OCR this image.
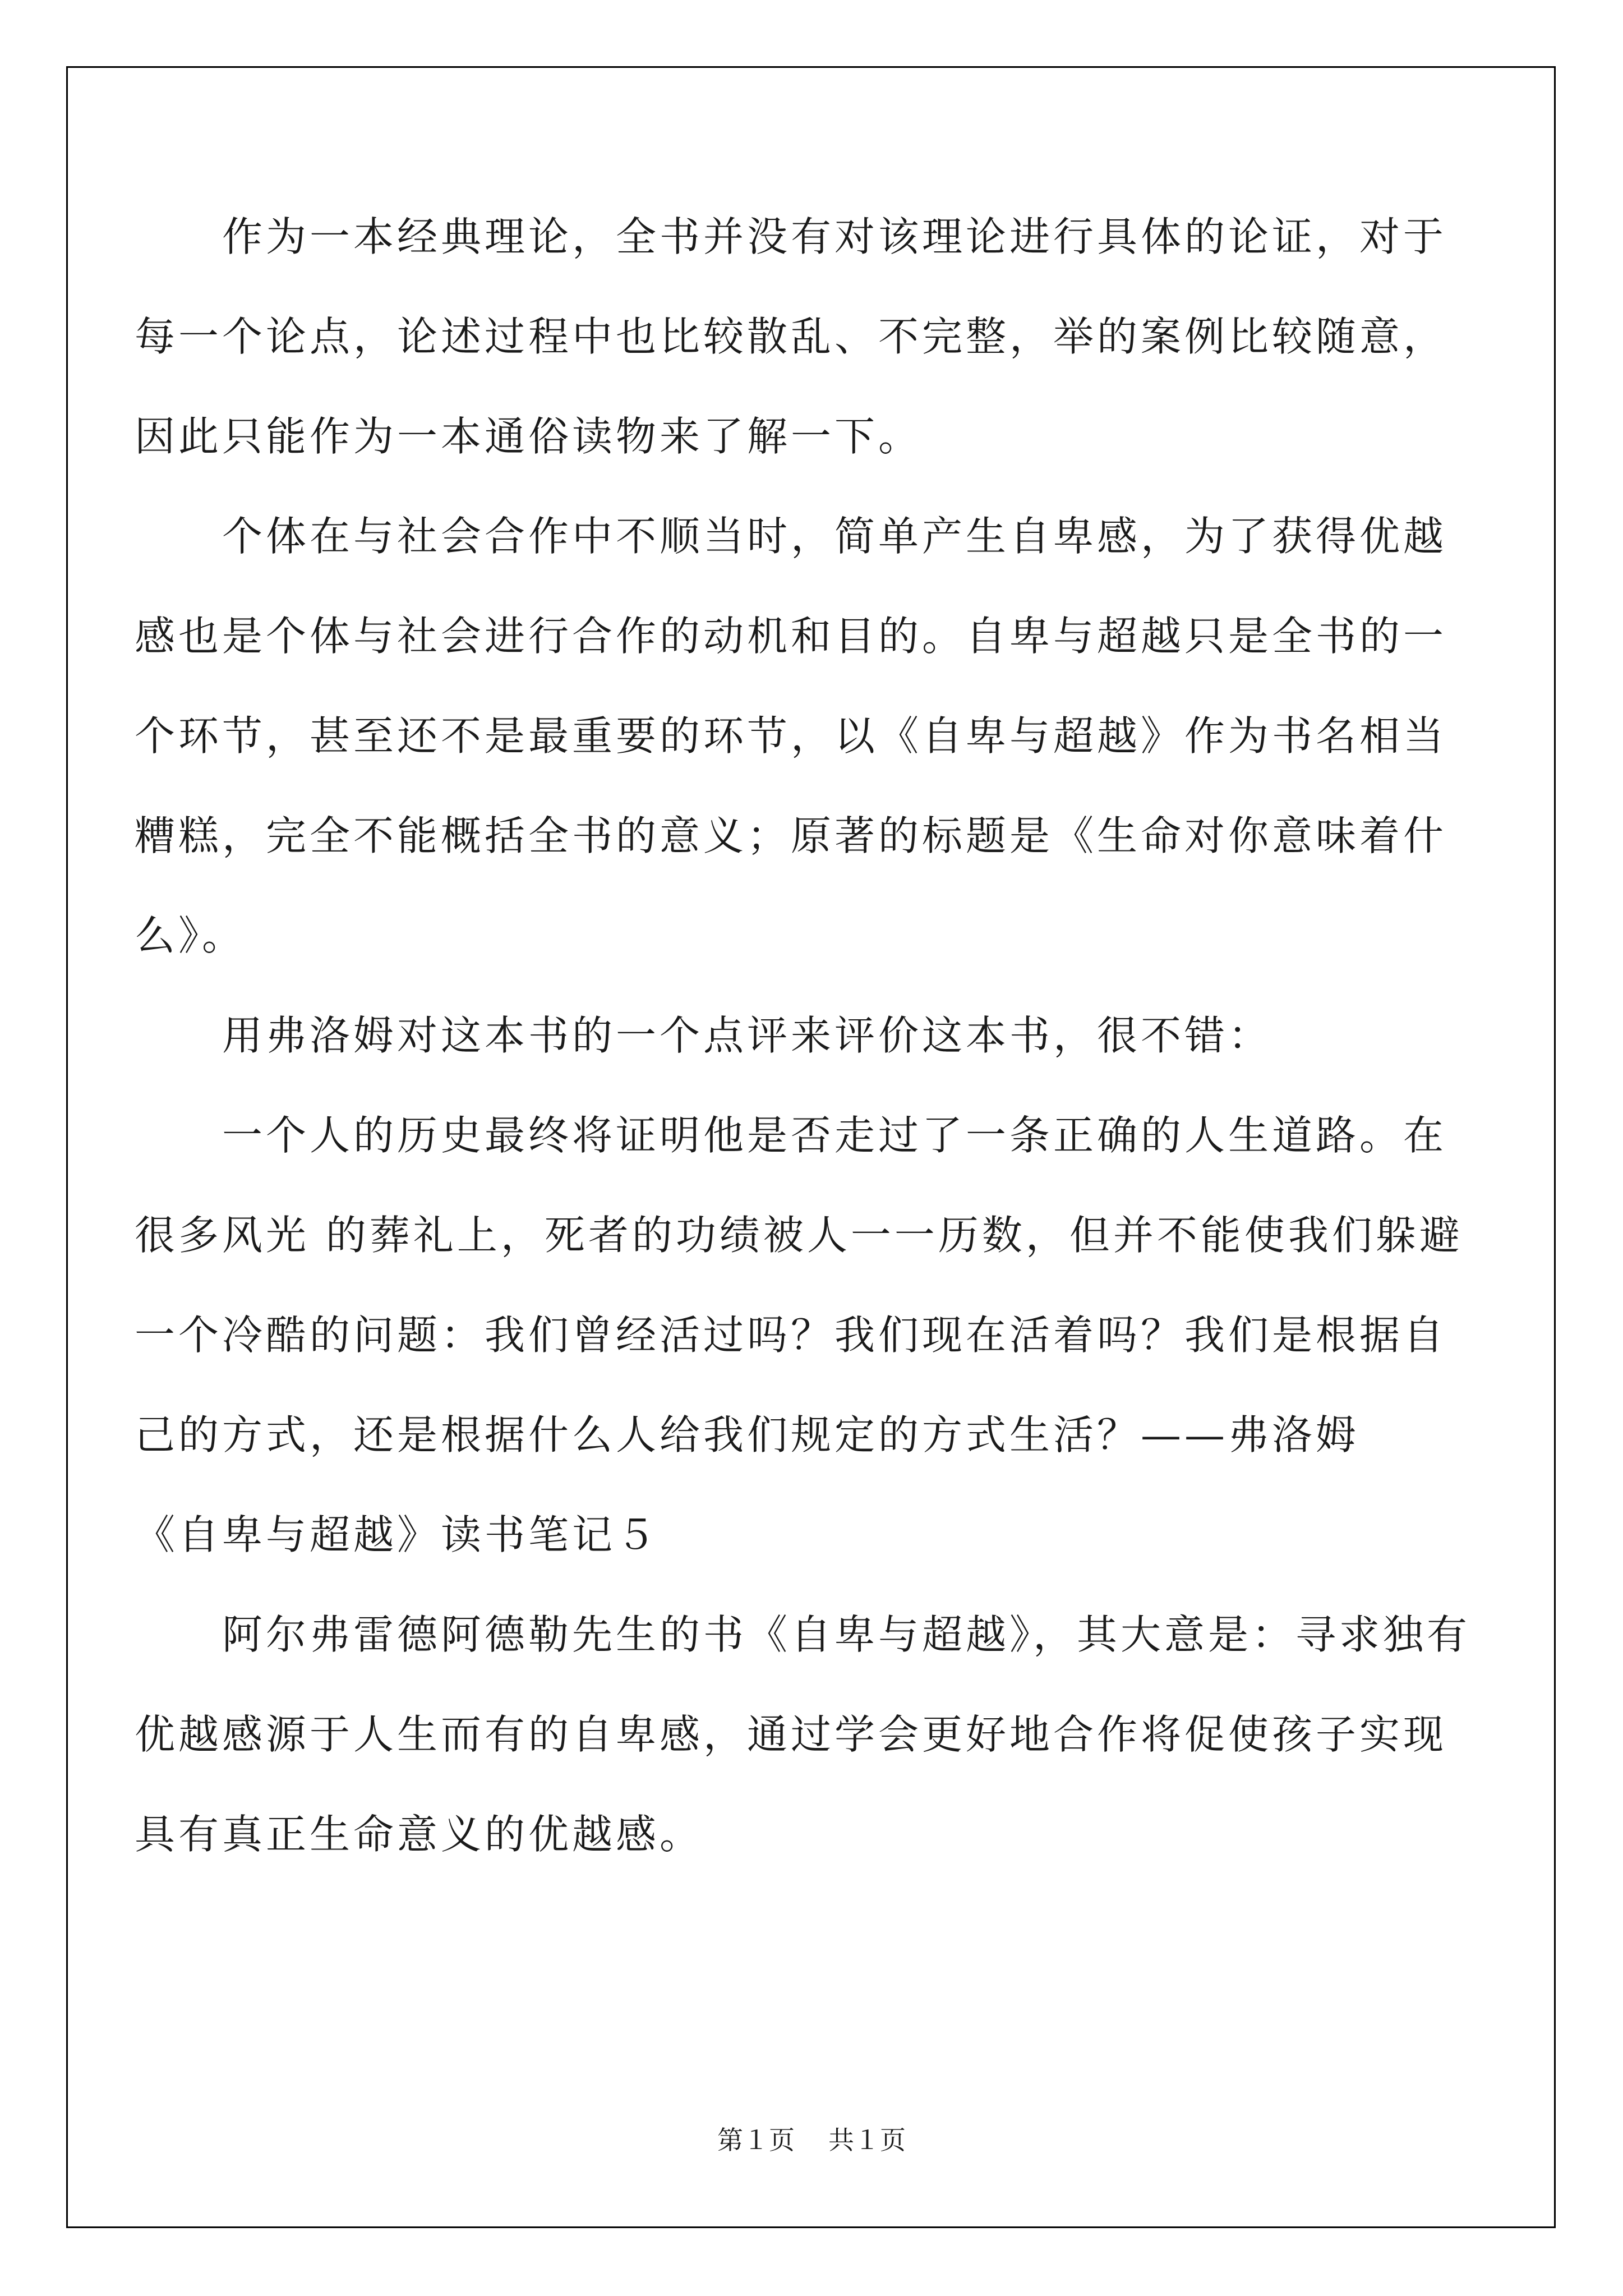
　　作为一本经典理论，全书并没有对该理论进行具体的论证，对于
每一个论点，论述过程中也比较散乱、不完整，举的案例比较随意，
因此只能作为一本通俗读物来了解一下。
　　个体在与社会合作中不顺当时，简单产生自卑感，为了获得优越
感也是个体与社会进行合作的动机和目的。自卑与超越只是全书的一
个环节，甚至还不是最重要的环节，以《自卑与超越》作为书名相当
糟糕，完全不能概括全书的意义；原著的标题是《生命对你意味着什
么》。
　　用弗洛姆对这本书的一个点评来评价这本书，很不错：
　　一个人的历史最终将证明他是否走过了一条正确的人生道路。在
很多风光 的葬礼上，死者的功绩被人一一历数，但并不能使我们躲避
一个冷酷的问题：我们曾经活过吗？我们现在活着吗？我们是根据自
己的方式，还是根据什么人给我们规定的方式生活？——弗洛姆
《自卑与超越》读书笔记５
　　阿尔弗雷德阿德勒先生的书《自卑与超越》，其大意是：寻求独有
优越感源于人生而有的自卑感，通过学会更好地合作将促使孩子实现
具有真正生命意义的优越感。
第１页 共１页
